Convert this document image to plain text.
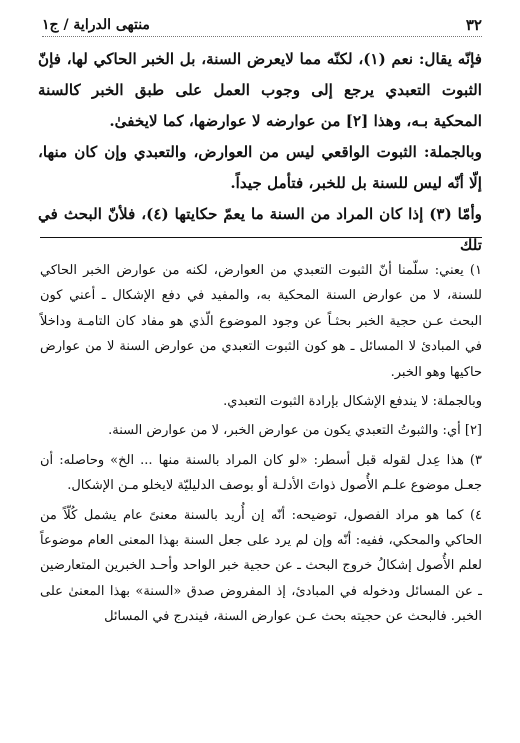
٣٢
منتهى الدراية / ج١

فإنّه يقال: نعم (١)، لكنّه مما لايعرض السنة، بل الخبر الحاكي لها، فإنّ الثبوت التعبدي يرجع إلى وجوب العمل على طبق الخبر كالسنة المحكية بـه، وهذا [٢] من عوارضه لا عوارضها، كما لايخفىٰ.

وبالجملة: الثبوت الواقعي ليس من العوارض، والتعبدي وإن كان منها، إلّا أنّه ليس للسنة بل للخبر، فتأمل جيداً.

وأمّا (٣) إذا كان المراد من السنة ما يعمّ حكايتها (٤)، فلأنّ البحث في تلك

١) يعني: سلّمنا أنّ الثبوت التعبدي من العوارض، لكنه من عوارض الخبر الحاكي للسنة، لا من عوارض السنة المحكية به، والمفيد في دفع الإشكال ـ أعني كون البحث عـن حجية الخبر بحثـاً عن وجود الموضوع الّذي هو مفاد كان التامـة وداخلاً في المبادئ لا المسائل ـ هو كون الثبوت التعبدي من عوارض السنة لا من عوارض حاكيها وهو الخبر.

وبالجملة: لا يندفع الإشكال بإرادة الثبوت التعبدي.

[٢] أي: والثبوتُ التعبدي يكون من عوارض الخبر، لا من عوارض السنة.

٣) هذا عِدل لقوله قبل أسطر: «لو كان المراد بالسنة منها ... الخ» وحاصله: أن جعـل موضوع علـم الأُصول ذواتَ الأدلـة أو بوصف الدليليّة لايخلو مـن الإشكال.

٤) كما هو مراد الفصول، توضيحه: أنّه إن أُريد بالسنة معنىً عام يشمل كُلّاً من الحاكي والمحكي، ففيه: أنّه وإن لم يرد على جعل السنة بهذا المعنى العام موضوعاً لعلم الأُصول إشكالُ خروج البحث ـ عن حجية خبر الواحد وأحـد الخبرين المتعارضين ـ عن المسائل ودخوله في المبادئ، إذ المفروض صدق «السنة» بهذا المعنىٰ على الخبر. فالبحث عن حجيته بحث عـن عوارض السنة، فيندرج في المسائل
